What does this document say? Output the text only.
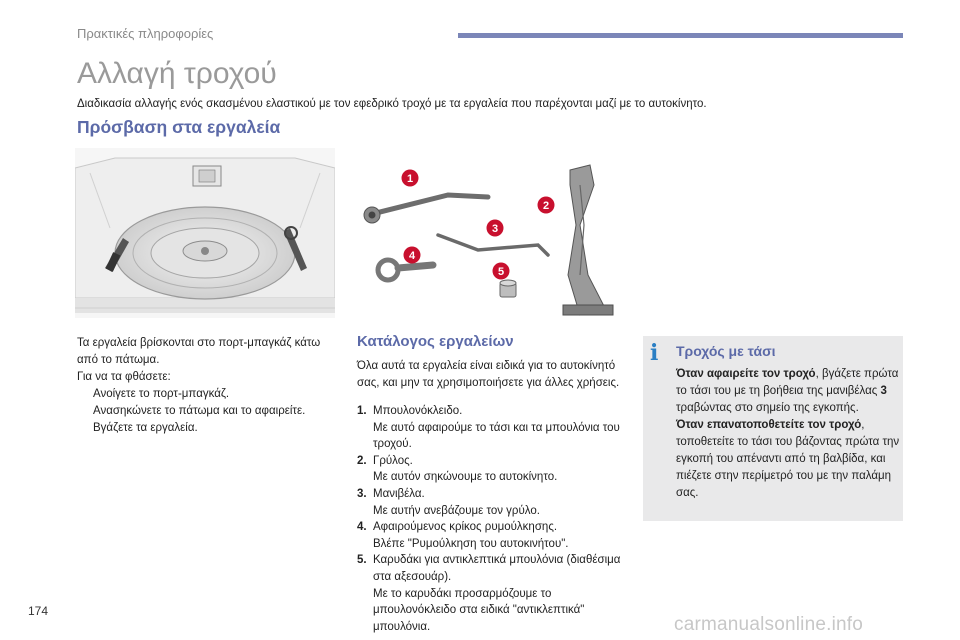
Πρακτικές πληροφορίες
Αλλαγή τροχού
Διαδικασία αλλαγής ενός σκασμένου ελαστικού με τον εφεδρικό τροχό με τα εργαλεία που παρέχονται μαζί με το αυτοκίνητο.
Πρόσβαση στα εργαλεία
1
2
3
4
5
Τα εργαλεία βρίσκονται στο πορτ-μπαγκάζ κάτω από το πάτωμα.
Για να τα φθάσετε:
Ανοίγετε το πορτ-μπαγκάζ.
Ανασηκώνετε το πάτωμα και το αφαιρείτε.
Βγάζετε τα εργαλεία.
Κατάλογος εργαλείων
Όλα αυτά τα εργαλεία είναι ειδικά για το αυτοκίνητό σας, και μην τα χρησιμοποιήσετε για άλλες χρήσεις.
1. Μπουλονόκλειδο.
Με αυτό αφαιρούμε το τάσι και τα μπουλόνια του τροχού.
2. Γρύλος.
Με αυτόν σηκώνουμε το αυτοκίνητο.
3. Μανιβέλα.
Με αυτήν ανεβάζουμε τον γρύλο.
4. Αφαιρούμενος κρίκος ρυμούλκησης.
Βλέπε "Ρυμούλκηση του αυτοκινήτου".
5. Καρυδάκι για αντικλεπτικά μπουλόνια (διαθέσιμα στα αξεσουάρ).
Με το καρυδάκι προσαρμόζουμε το μπουλονόκλειδο στα ειδικά "αντικλεπτικά" μπουλόνια.
i	Τροχός με τάσι
Όταν αφαιρείτε τον τροχό, βγάζετε πρώτα το τάσι του με τη βοήθεια της μανιβέλας 3 τραβώντας στο σημείο της εγκοπής.
Όταν επανατοποθετείτε τον τροχό, τοποθετείτε το τάσι του βάζοντας πρώτα την εγκοπή του απέναντι από τη βαλβίδα, και πιέζετε στην περίμετρό του με την παλάμη σας.
174
carmanualsonline.info
